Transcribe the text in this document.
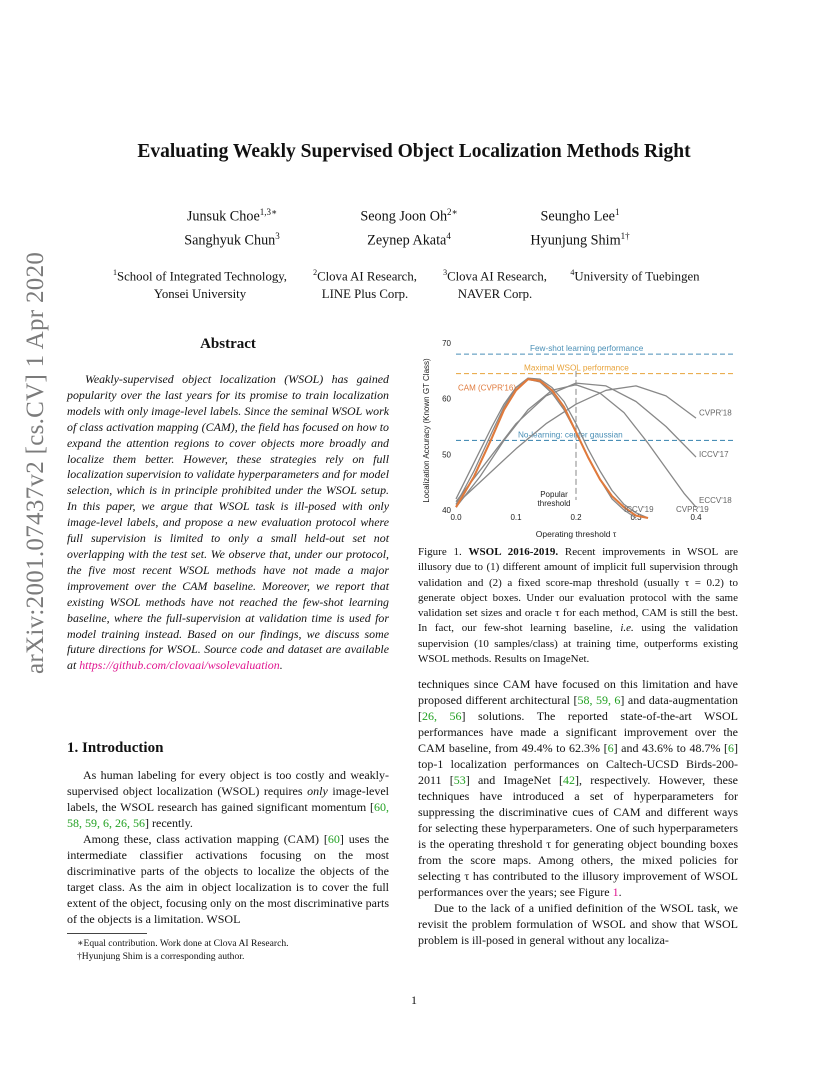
arXiv:2001.07437v2 [cs.CV] 1 Apr 2020
Evaluating Weakly Supervised Object Localization Methods Right
Junsuk Choe$^{1,3∗}$	Seong Joon $Oh^{2∗}$	Seungho Lee$^1$
Sanghyuk Chun$^3$	Zeynep Akata$^4$	Hyunjung Shim$^{1\dagger}$
$^1$School of Integrated Technology,
Yonsei University
$^2$Clova AI Research,
LINE Plus Corp.
$^3$Clova AI Research,
NAVER Corp.
$^4$University of Tuebingen
Abstract
Weakly-supervised object localization (WSOL) has gained popularity over the last years for its promise to train localization models with only image-level labels. Since the seminal WSOL work of class activation mapping (CAM), the field has focused on how to expand the attention regions to cover objects more broadly and localize them better. However, these strategies rely on full localization supervision to validate hyperparameters and for model selection, which is in principle prohibited under the WSOL setup. In this paper, we argue that WSOL task is ill-posed with only image-level labels, and propose a new evaluation protocol where full supervision is limited to only a small held-out set not overlapping with the test set. We observe that, under our protocol, the five most recent WSOL methods have not made a major improvement over the CAM baseline. Moreover, we report that existing WSOL methods have not reached the few-shot learning baseline, where the full-supervision at validation time is used for model training instead. Based on our findings, we discuss some future directions for WSOL. Source code and dataset are available at https://github.com/clovaai/wsolevaluation.
1. Introduction

As human labeling for every object is too costly and weakly-supervised object localization (WSOL) requires only image-level labels, the WSOL research has gained significant momentum [60, 58, 59, 6, 26, 56] recently.

Among these, class activation mapping (CAM) [60] uses the intermediate classifier activations focusing on the most discriminative parts of the objects to localize the objects of the target class. As the aim in object localization is to cover the full extent of the object, focusing only on the most discriminative parts of the objects is a limitation. WSOL

∗Equal contribution. Work done at Clova AI Research.
†Hyunjung Shim is a corresponding author.
0.0	0.1	0.2	0.3	0.4
40
50
60
70
Operating threshold τ
Localization Accuracy (Known GT Class)
Few-shot learning performance
Maximal WSOL performance
No-learning: center gaussian
Popular
threshold
CAM (CVPR'16)
CVPR'19
ICCV'19
ECCV'18
ICCV'17
CVPR'18
Figure 1. WSOL 2016-2019. Recent improvements in WSOL are illusory due to (1) different amount of implicit full supervision through validation and (2) a fixed score-map threshold (usually τ = 0.2) to generate object boxes. Under our evaluation protocol with the same validation set sizes and oracle τ for each method, CAM is still the best. In fact, our few-shot learning baseline, i.e. using the validation supervision (10 samples/class) at training time, outperforms existing WSOL methods. Results on ImageNet.

techniques since CAM have focused on this limitation and have proposed different architectural [58, 59, 6] and data-augmentation [26, 56] solutions. The reported state-of-the-art WSOL performances have made a significant improvement over the CAM baseline, from 49.4% to 62.3% [6] and 43.6% to 48.7% [6] top-1 localization performances on Caltech-UCSD Birds-200-2011 [53] and ImageNet [42], respectively. However, these techniques have introduced a set of hyperparameters for suppressing the discriminative cues of CAM and different ways for selecting these hyperparameters. One of such hyperparameters is the operating threshold τ for generating object bounding boxes from the score maps. Among others, the mixed policies for selecting τ has contributed to the illusory improvement of WSOL performances over the years; see Figure 1.

Due to the lack of a unified definition of the WSOL task, we revisit the problem formulation of WSOL and show that WSOL problem is ill-posed in general without any localiza-

1
